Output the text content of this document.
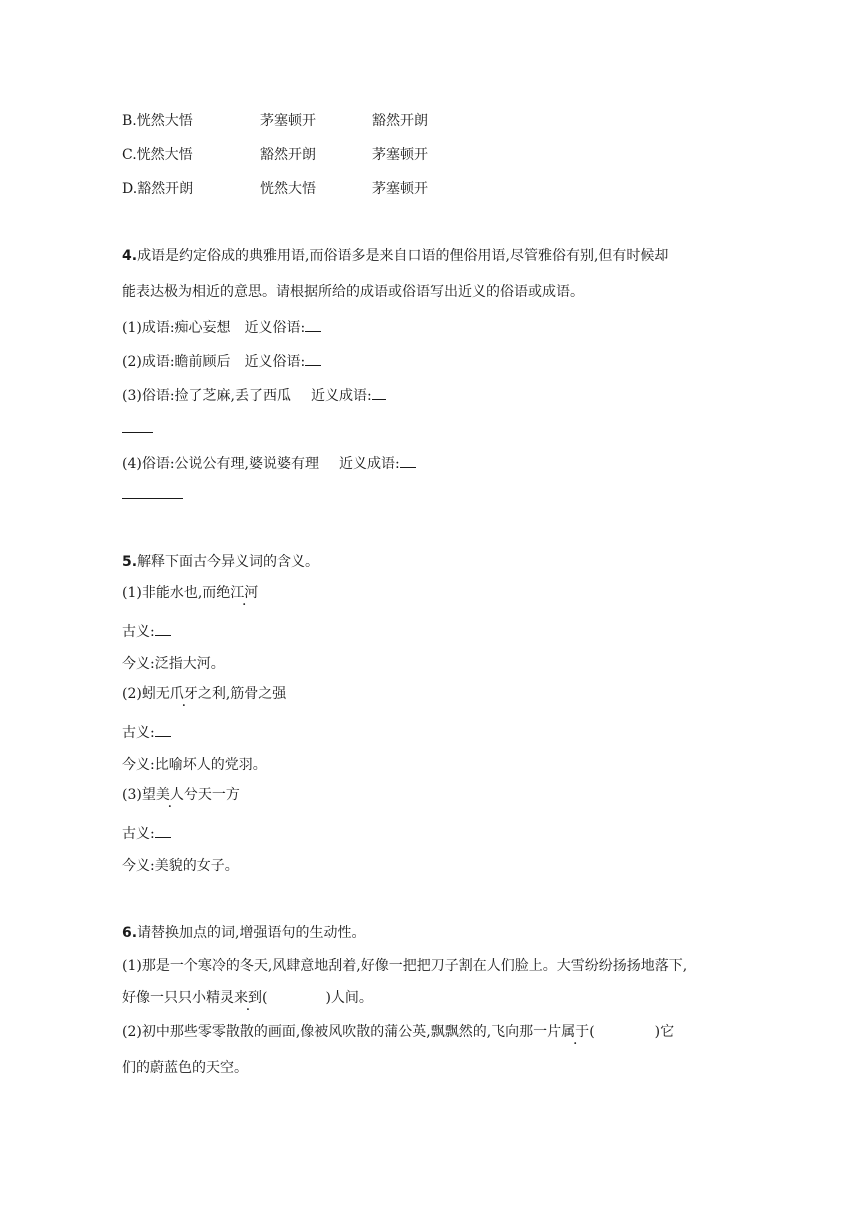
B.恍然大悟	茅塞顿开	豁然开朗
C.恍然大悟	豁然开朗	茅塞顿开
D.豁然开朗	恍然大悟	茅塞顿开
4.成语是约定俗成的典雅用语,而俗语多是来自口语的俚俗用语,尽管雅俗有别,但有时候却
能表达极为相近的意思。请根据所给的成语或俗语写出近义的俗语或成语。
(1)成语:痴心妄想 近义俗语:
(2)成语:瞻前顾后 近义俗语:
(3)俗语:捡了芝麻,丢了西瓜 近义成语:
(4)俗语:公说公有理,婆说婆有理 近义成语:
5.解释下面古今异义词的含义。
(1)非能水也,而绝江河
古义:
今义:泛指大河。
(2)蚓无爪牙之利,筋骨之强
古义:
今义:比喻坏人的党羽。
(3)望美人兮天一方
古义:
今义:美貌的女子。
6.请替换加点的词,增强语句的生动性。
(1)那是一个寒冷的冬天,风肆意地刮着,好像一把把刀子割在人们脸上。大雪纷纷扬扬地落下,
好像一只只小精灵来到(	)人间。
(2)初中那些零零散散的画面,像被风吹散的蒲公英,飘飘然的,飞向那一片属于(	)它
们的蔚蓝色的天空。
